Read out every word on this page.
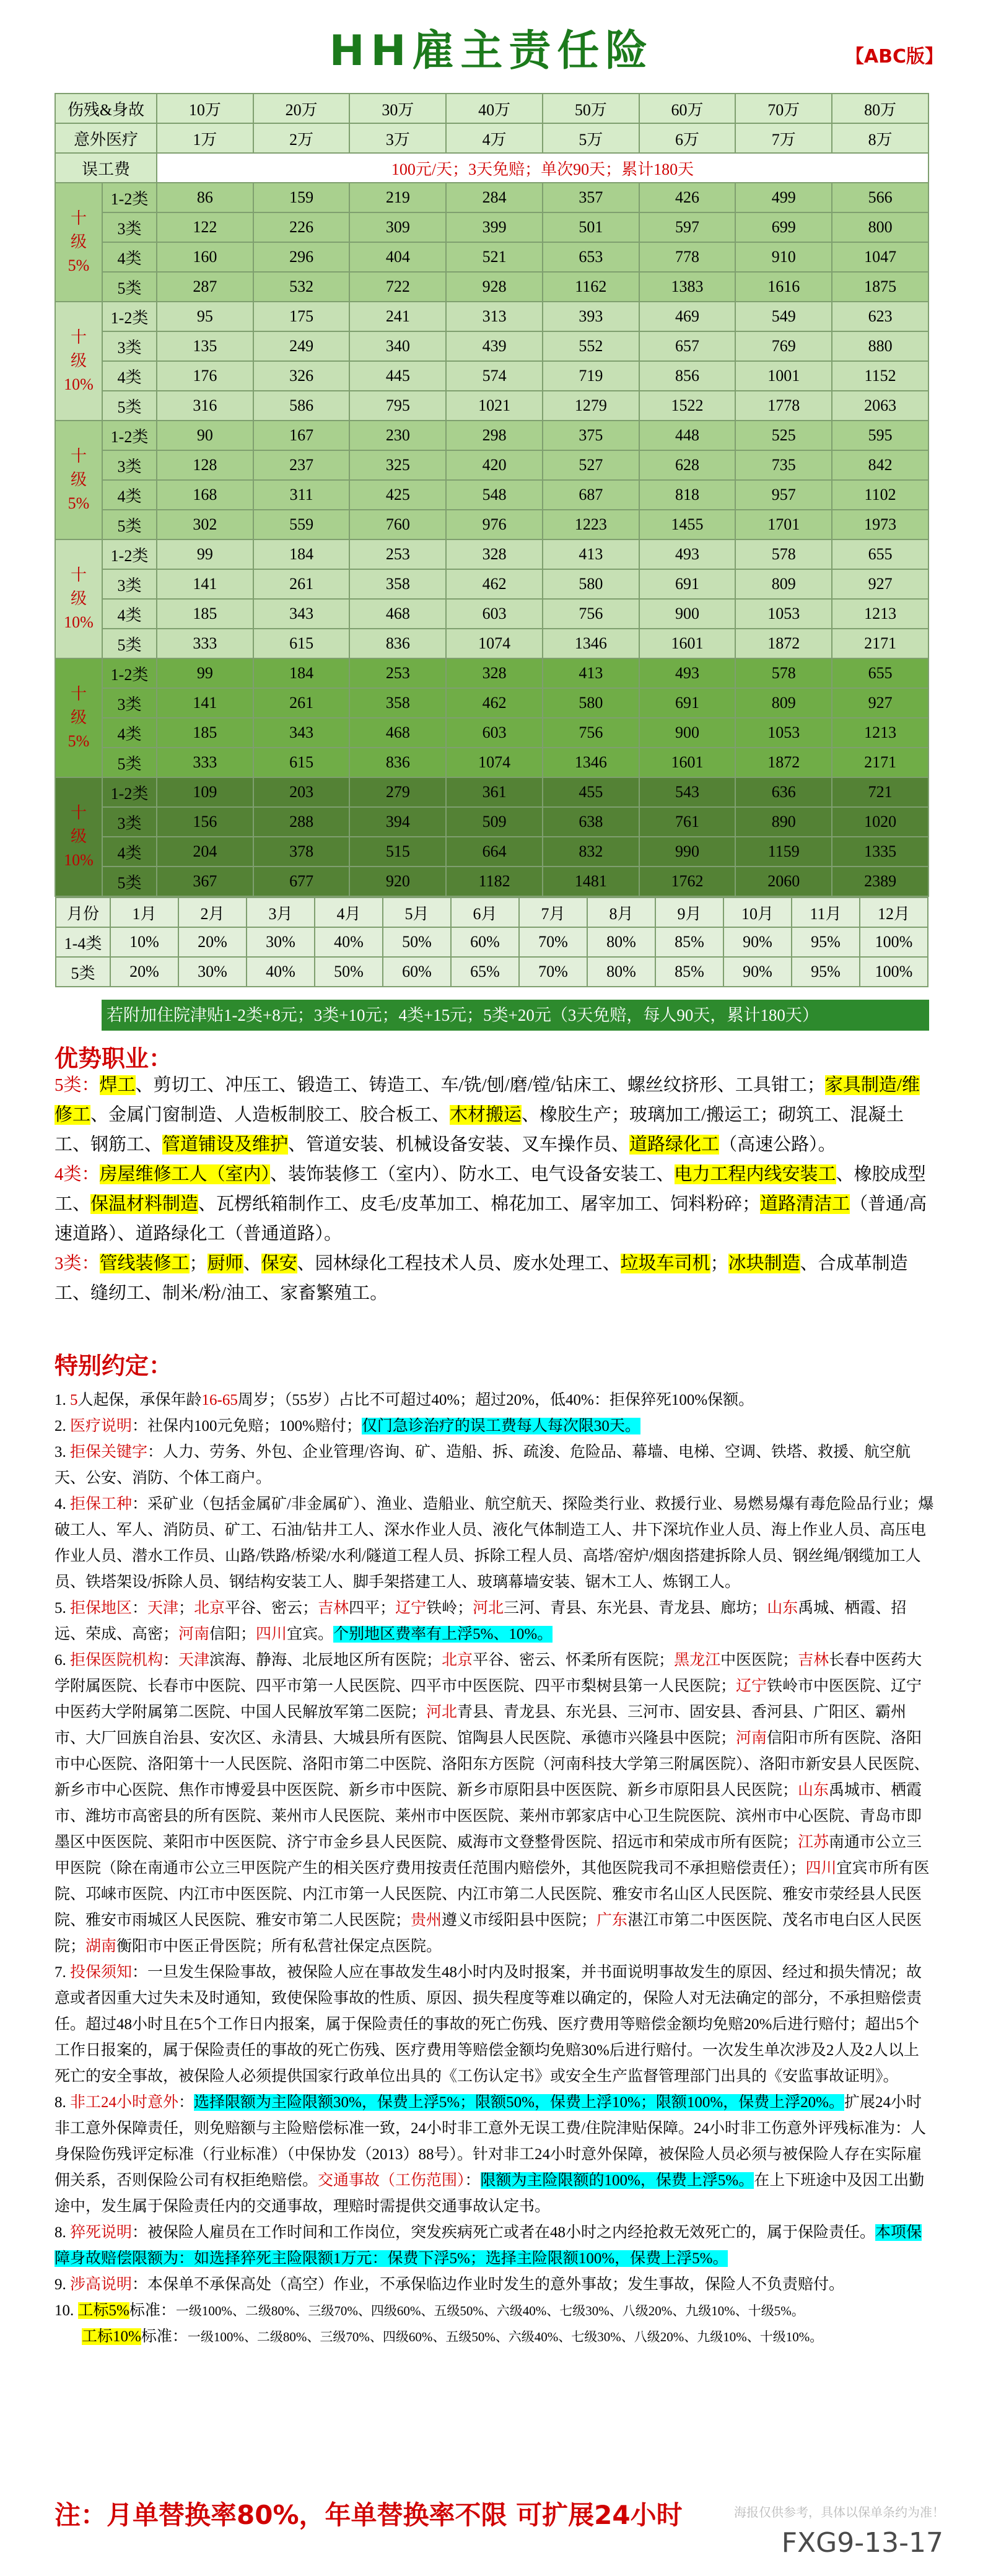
HH雇主责任险	【ABC版】
伤残&身故	10万	20万	30万	40万	50万	60万	70万	80万
意外医疗	1万	2万	3万	4万	5万	6万	7万	8万
误工费	100元/天；3天免赔；单次90天；累计180天

十
级
5%
	1-2类	86	159	219	284	357	426	499	566
3类	122	226	309	399	501	597	699	800
4类	160	296	404	521	653	778	910	1047
5类	287	532	722	928	1162	1383	1616	1875

十
级
10%
	1-2类	95	175	241	313	393	469	549	623
3类	135	249	340	439	552	657	769	880
4类	176	326	445	574	719	856	1001	1152
5类	316	586	795	1021	1279	1522	1778	2063

十
级
5%
	1-2类	90	167	230	298	375	448	525	595
3类	128	237	325	420	527	628	735	842
4类	168	311	425	548	687	818	957	1102
5类	302	559	760	976	1223	1455	1701	1973

十
级
10%
	1-2类	99	184	253	328	413	493	578	655
3类	141	261	358	462	580	691	809	927
4类	185	343	468	603	756	900	1053	1213
5类	333	615	836	1074	1346	1601	1872	2171

十
级
5%
	1-2类	99	184	253	328	413	493	578	655
3类	141	261	358	462	580	691	809	927
4类	185	343	468	603	756	900	1053	1213
5类	333	615	836	1074	1346	1601	1872	2171

十
级
10%
	1-2类	109	203	279	361	455	543	636	721
3类	156	288	394	509	638	761	890	1020
4类	204	378	515	664	832	990	1159	1335
5类	367	677	920	1182	1481	1762	2060	2389

月份	1月	2月	3月	4月	5月	6月	7月	8月	9月	10月	11月	12月
1-4类	10%	20%	30%	40%	50%	60%	70%	80%	85%	90%	95%	100%
5类	20%	30%	40%	50%	60%	65%	70%	80%	85%	90%	95%	100%
若附加住院津贴1-2类+8元；3类+10元；4类+15元；5类+20元（3天免赔，每人90天，累计180天）
优势职业：

5类：焊工、剪切工、冲压工、锻造工、铸造工、车/铣/刨/磨/镗/钻床工、螺丝纹挤形、工具钳工；家具制造/维修工、金属门窗制造、人造板制胶工、胶合板工、木材搬运、橡胶生产；玻璃加工/搬运工；砌筑工、混凝土工、钢筋工、管道铺设及维护、管道安装、机械设备安装、叉车操作员、道路绿化工（高速公路）。

4类：房屋维修工人（室内）、装饰装修工（室内）、防水工、电气设备安装工、电力工程内线安装工、橡胶成型工、保温材料制造、瓦楞纸箱制作工、皮毛/皮革加工、棉花加工、屠宰加工、饲料粉碎；道路清洁工（普通/高速道路）、道路绿化工（普通道路）。

3类：管线装修工；厨师、保安、园林绿化工程技术人员、废水处理工、垃圾车司机；冰块制造、合成革制造工、缝纫工、制米/粉/油工、家畜繁殖工。

特别约定：

1. 5人起保，承保年龄16-65周岁；（55岁）占比不可超过40%；超过20%，低40%：拒保猝死100%保额。

2. 医疗说明：社保内100元免赔；100%赔付；仅门急诊治疗的误工费每人每次限30天。

3. 拒保关键字：人力、劳务、外包、企业管理/咨询、矿、造船、拆、疏浚、危险品、幕墙、电梯、空调、铁塔、救援、航空航天、公安、消防、个体工商户。

4. 拒保工种：采矿业（包括金属矿/非金属矿）、渔业、造船业、航空航天、探险类行业、救援行业、易燃易爆有毒危险品行业；爆破工人、军人、消防员、矿工、石油/钻井工人、深水作业人员、液化气体制造工人、井下深坑作业人员、海上作业人员、高压电作业人员、潜水工作员、山路/铁路/桥梁/水利/隧道工程人员、拆除工程人员、高塔/窑炉/烟囱搭建拆除人员、钢丝绳/钢缆加工人员、铁塔架设/拆除人员、钢结构安装工人、脚手架搭建工人、玻璃幕墙安装、锯木工人、炼钢工人。

5. 拒保地区：天津；北京平谷、密云；吉林四平；辽宁铁岭；河北三河、青县、东光县、青龙县、廊坊；山东禹城、栖霞、招远、荣成、高密；河南信阳；四川宜宾。个别地区费率有上浮5%、10%。

6. 拒保医院机构：天津滨海、静海、北辰地区所有医院；北京平谷、密云、怀柔所有医院；黑龙江中医医院；吉林长春中医药大学附属医院、长春市中医院、四平市第一人民医院、四平市中医医院、四平市梨树县第一人民医院；辽宁铁岭市中医医院、辽宁中医药大学附属第二医院、中国人民解放军第二医院；河北青县、青龙县、东光县、三河市、固安县、香河县、广阳区、霸州市、大厂回族自治县、安次区、永清县、大城县所有医院、馆陶县人民医院、承德市兴隆县中医院；河南信阳市所有医院、洛阳市中心医院、洛阳第十一人民医院、洛阳市第二中医院、洛阳东方医院（河南科技大学第三附属医院）、洛阳市新安县人民医院、新乡市中心医院、焦作市博爱县中医医院、新乡市中医院、新乡市原阳县中医医院、新乡市原阳县人民医院；山东禹城市、栖霞市、潍坊市高密县的所有医院、莱州市人民医院、莱州市中医医院、莱州市郭家店中心卫生院医院、滨州市中心医院、青岛市即墨区中医医院、莱阳市中医医院、济宁市金乡县人民医院、威海市文登整骨医院、招远市和荣成市所有医院；江苏南通市公立三甲医院（除在南通市公立三甲医院产生的相关医疗费用按责任范围内赔偿外，其他医院我司不承担赔偿责任）；四川宜宾市所有医院、邛崃市医院、内江市中医医院、内江市第一人民医院、内江市第二人民医院、雅安市名山区人民医院、雅安市荥经县人民医院、雅安市雨城区人民医院、雅安市第二人民医院；贵州遵义市绥阳县中医院；广东湛江市第二中医医院、茂名市电白区人民医院；湖南衡阳市中医正骨医院；所有私营社保定点医院。

7. 投保须知：一旦发生保险事故，被保险人应在事故发生48小时内及时报案，并书面说明事故发生的原因、经过和损失情况；故意或者因重大过失未及时通知，致使保险事故的性质、原因、损失程度等难以确定的，保险人对无法确定的部分，不承担赔偿责任。超过48小时且在5个工作日内报案，属于保险责任的事故的死亡伤残、医疗费用等赔偿金额均免赔20%后进行赔付；超出5个工作日报案的，属于保险责任的事故的死亡伤残、医疗费用等赔偿金额均免赔30%后进行赔付。一次发生单次涉及2人及2人以上死亡的安全事故，被保险人必须提供国家行政单位出具的《工伤认定书》或安全生产监督管理部门出具的《安监事故证明》。

8. 非工24小时意外：选择限额为主险限额30%，保费上浮5%；限额50%，保费上浮10%；限额100%，保费上浮20%。扩展24小时非工意外保障责任，则免赔额与主险赔偿标准一致，24小时非工意外无误工费/住院津贴保障。24小时非工伤意外评残标准为：人身保险伤残评定标准（行业标准）（中保协发（2013）88号）。针对非工24小时意外保障，被保险人员必须与被保险人存在实际雇佣关系，否则保险公司有权拒绝赔偿。交通事故（工伤范围）：限额为主险限额的100%，保费上浮5%。在上下班途中及因工出勤途中，发生属于保险责任内的交通事故，理赔时需提供交通事故认定书。

8. 猝死说明：被保险人雇员在工作时间和工作岗位，突发疾病死亡或者在48小时之内经抢救无效死亡的，属于保险责任。本项保障身故赔偿限额为：如选择猝死主险限额1万元：保费下浮5%；选择主险限额100%，保费上浮5%。

9. 涉高说明：本保单不承保高处（高空）作业，不承保临边作业时发生的意外事故；发生事故，保险人不负责赔付。

10. 工标5%标准：一级100%、二级80%、三级70%、四级60%、五级50%、六级40%、七级30%、八级20%、九级10%、十级5%。

工标10%标准：一级100%、二级80%、三级70%、四级60%、五级50%、六级40%、七级30%、八级20%、九级10%、十级10%。

注：月单替换率80%，年单替换率不限 可扩展24小时	海报仅供参考，具体以保单条约为准！
FXG9-13-17
